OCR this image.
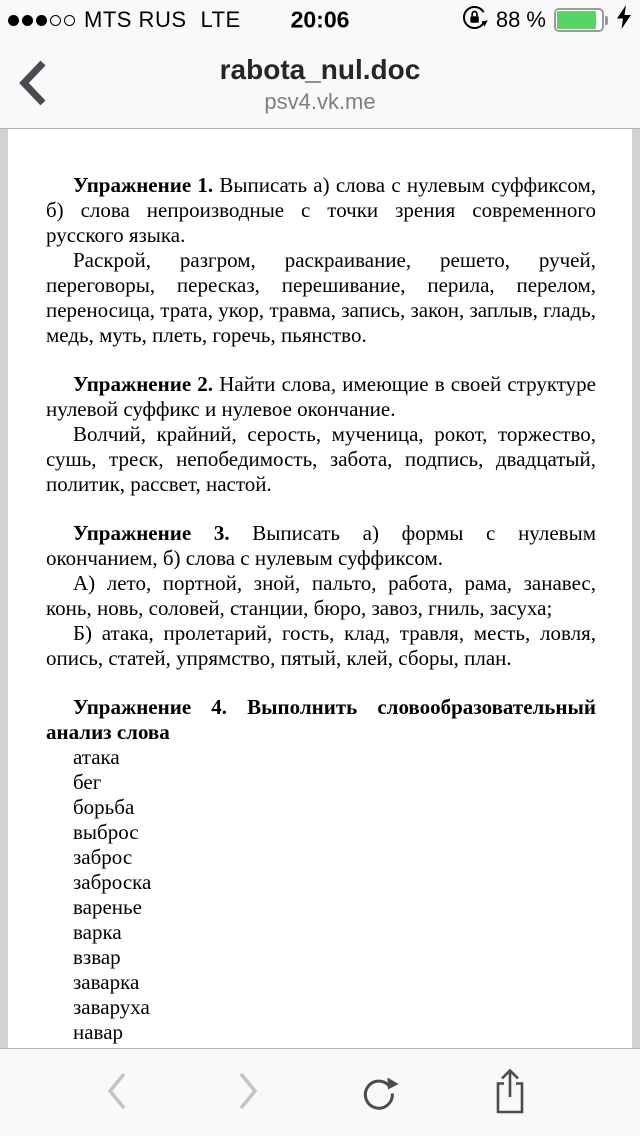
MTS RUS LTE 20:06	88 %
rabota_nul.doc
psv4.vk.me

Упражнение 1. Выписать а) слова с нулевым суффиксом, б) слова непроизводные с точки зрения современного русского языка.

Раскрой, разгром, раскраивание, решето, ручей, переговоры, пересказ, перешивание, перила, перелом, переносица, трата, укор, травма, запись, закон, заплыв, гладь, медь, муть, плеть, горечь, пьянство.

Упражнение 2. Найти слова, имеющие в своей структуре нулевой суффикс и нулевое окончание.

Волчий, крайний, серость, мученица, рокот, торжество, сушь, треск, непобедимость, забота, подпись, двадцатый, политик, рассвет, настой.

Упражнение 3. Выписать а) формы с нулевым окончанием, б) слова с нулевым суффиксом.

А) лето, портной, зной, пальто, работа, рама, занавес, конь, новь, соловей, станции, бюро, завоз, гниль, засуха;

Б) атака, пролетарий, гость, клад, травля, месть, ловля, опись, статей, упрямство, пятый, клей, сборы, план.

Упражнение 4. Выполнить словообразовательный анализ слова

атака
бег
борьба
выброс
заброс
заброска
варенье
варка
взвар
заварка
заваруха
навар
